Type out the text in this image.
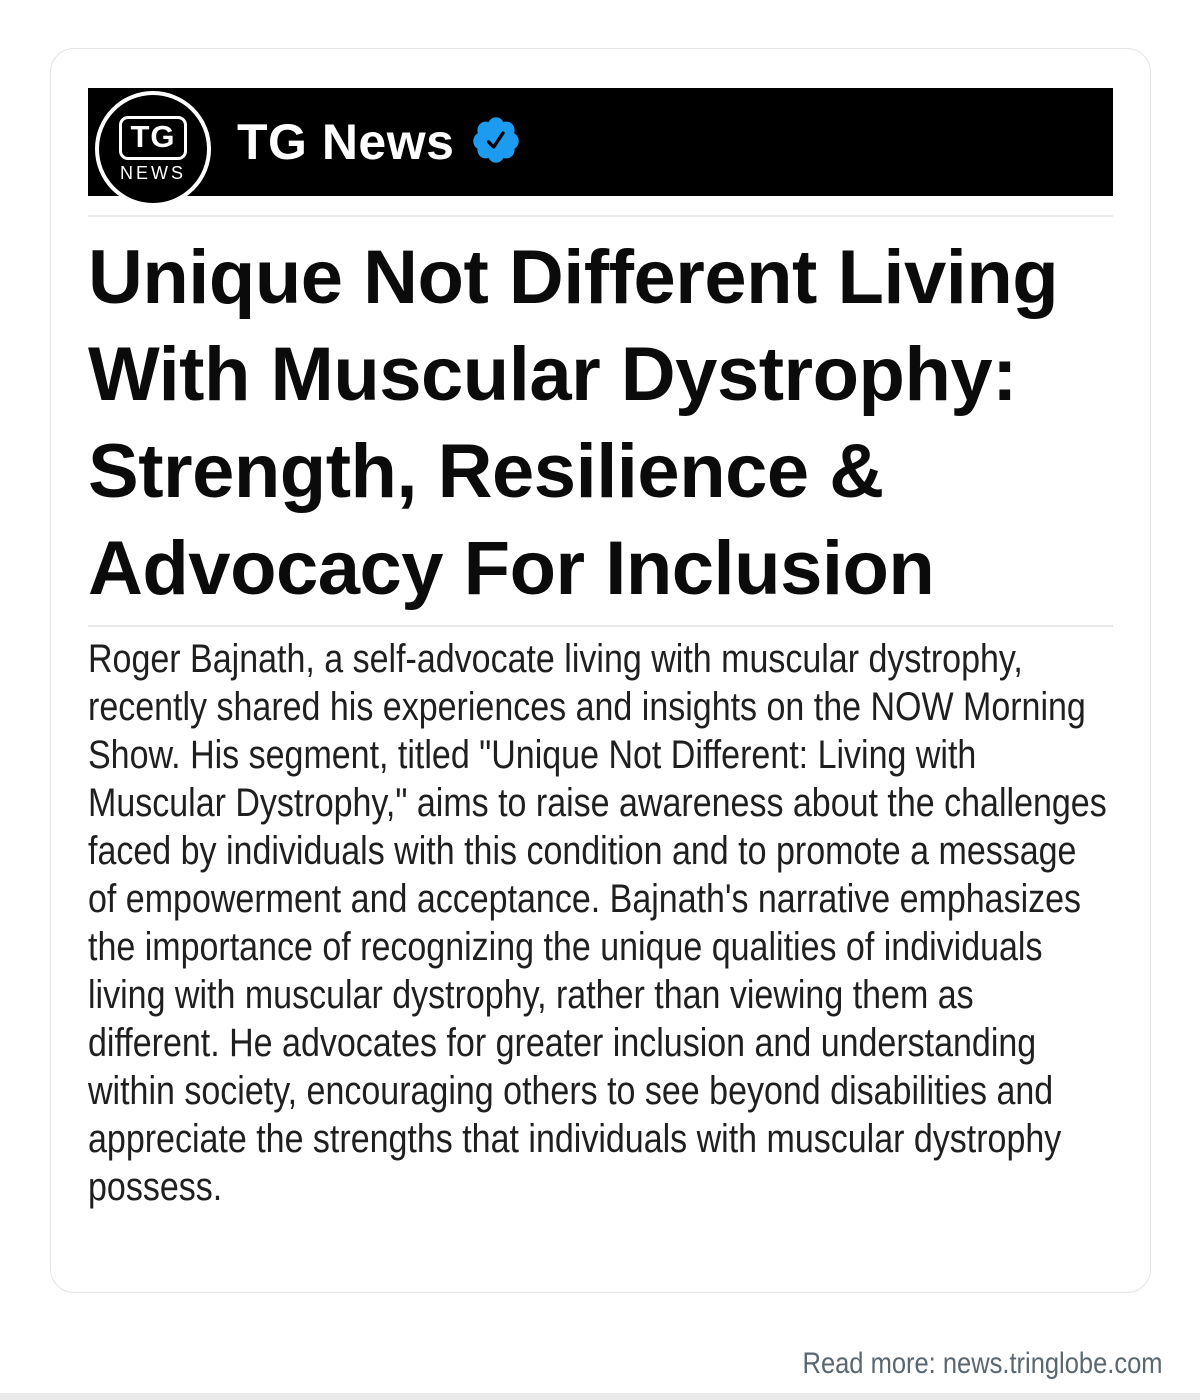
TG
NEWS
TG News
Unique Not Different Living With Muscular Dystrophy: Strength, Resilience & Advocacy For Inclusion
Roger Bajnath, a self-advocate living with muscular dystrophy,
recently shared his experiences and insights on the NOW Morning
Show. His segment, titled "Unique Not Different: Living with
Muscular Dystrophy," aims to raise awareness about the challenges
faced by individuals with this condition and to promote a message
of empowerment and acceptance. Bajnath's narrative emphasizes
the importance of recognizing the unique qualities of individuals
living with muscular dystrophy, rather than viewing them as
different. He advocates for greater inclusion and understanding
within society, encouraging others to see beyond disabilities and
appreciate the strengths that individuals with muscular dystrophy
possess.
Read more: news.tringlobe.com
